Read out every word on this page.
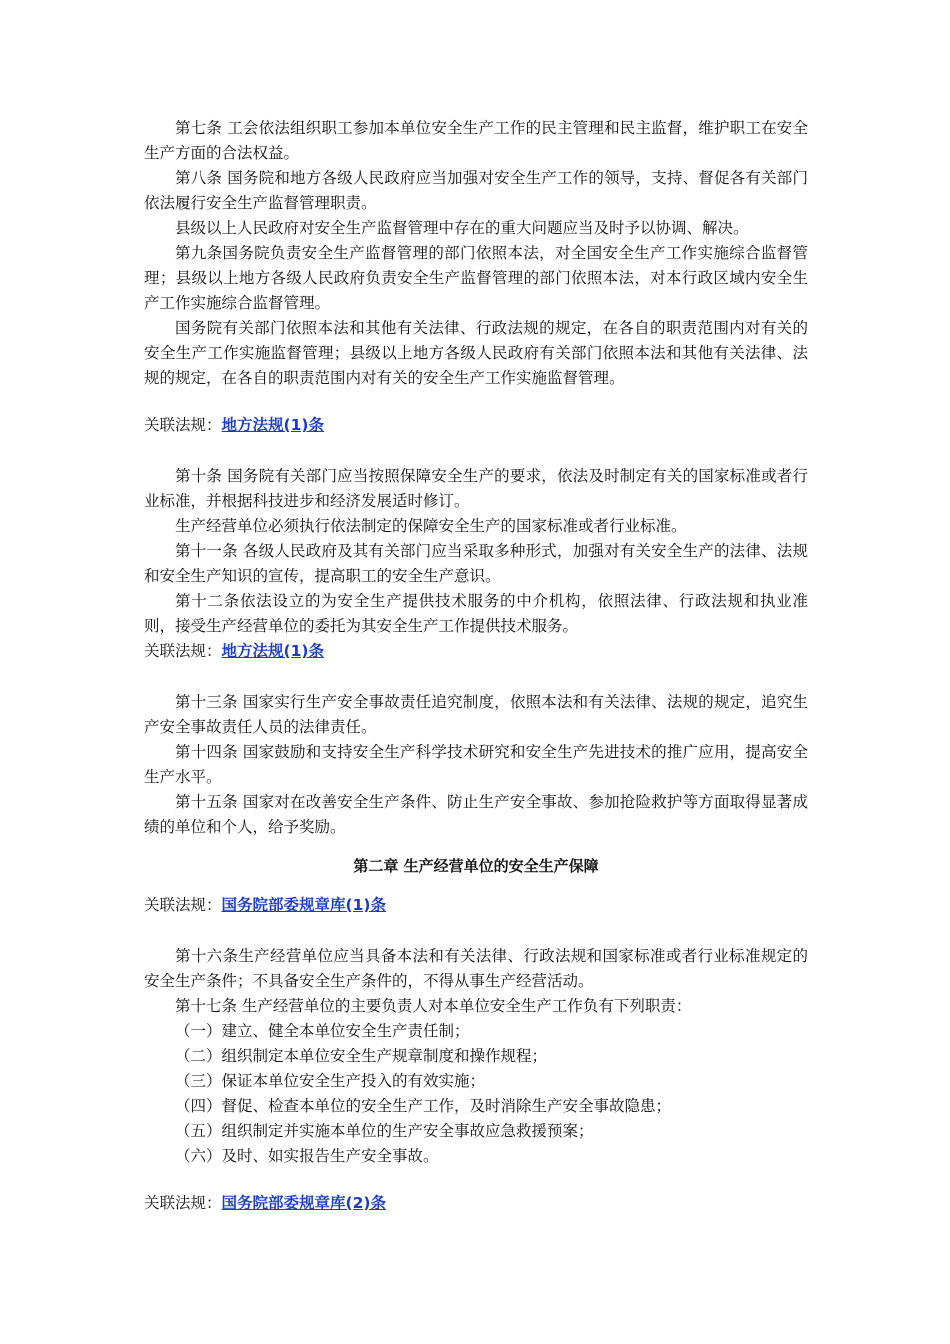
第七条 工会依法组织职工参加本单位安全生产工作的民主管理和民主监督，维护职工在安全生产方面的合法权益。

第八条 国务院和地方各级人民政府应当加强对安全生产工作的领导，支持、督促各有关部门依法履行安全生产监督管理职责。

县级以上人民政府对安全生产监督管理中存在的重大问题应当及时予以协调、解决。

第九条国务院负责安全生产监督管理的部门依照本法，对全国安全生产工作实施综合监督管理；县级以上地方各级人民政府负责安全生产监督管理的部门依照本法，对本行政区域内安全生产工作实施综合监督管理。

国务院有关部门依照本法和其他有关法律、行政法规的规定，在各自的职责范围内对有关的安全生产工作实施监督管理；县级以上地方各级人民政府有关部门依照本法和其他有关法律、法规的规定，在各自的职责范围内对有关的安全生产工作实施监督管理。

关联法规：地方法规(1)条

第十条 国务院有关部门应当按照保障安全生产的要求，依法及时制定有关的国家标准或者行业标准，并根据科技进步和经济发展适时修订。

生产经营单位必须执行依法制定的保障安全生产的国家标准或者行业标准。

第十一条 各级人民政府及其有关部门应当采取多种形式，加强对有关安全生产的法律、法规和安全生产知识的宣传，提高职工的安全生产意识。

第十二条依法设立的为安全生产提供技术服务的中介机构，依照法律、行政法规和执业准则，接受生产经营单位的委托为其安全生产工作提供技术服务。

关联法规：地方法规(1)条

第十三条 国家实行生产安全事故责任追究制度，依照本法和有关法律、法规的规定，追究生产安全事故责任人员的法律责任。

第十四条 国家鼓励和支持安全生产科学技术研究和安全生产先进技术的推广应用，提高安全生产水平。

第十五条 国家对在改善安全生产条件、防止生产安全事故、参加抢险救护等方面取得显著成绩的单位和个人，给予奖励。

第二章 生产经营单位的安全生产保障
关联法规：国务院部委规章库(1)条

第十六条生产经营单位应当具备本法和有关法律、行政法规和国家标准或者行业标准规定的安全生产条件；不具备安全生产条件的，不得从事生产经营活动。

第十七条 生产经营单位的主要负责人对本单位安全生产工作负有下列职责：

（一）建立、健全本单位安全生产责任制；

（二）组织制定本单位安全生产规章制度和操作规程；

（三）保证本单位安全生产投入的有效实施；

（四）督促、检查本单位的安全生产工作，及时消除生产安全事故隐患；

（五）组织制定并实施本单位的生产安全事故应急救援预案；

（六）及时、如实报告生产安全事故。

关联法规：国务院部委规章库(2)条
